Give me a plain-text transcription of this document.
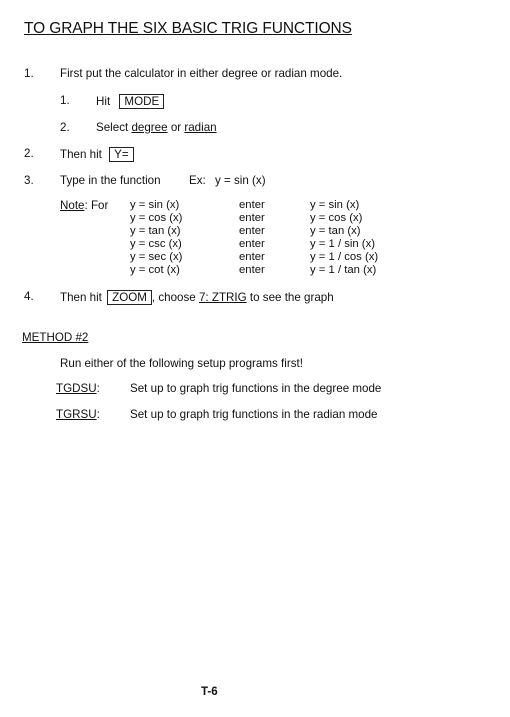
TO GRAPH THE SIX BASIC TRIG FUNCTIONS
1. First put the calculator in either degree or radian mode.
1. Hit MODE
2. Select degree or radian
2. Then hit Y=
3. Type in the function Ex: y = sin (x)
Note: For y = sin (x)
y = cos (x)
y = tan (x)
y = csc (x)
y = sec (x)
y = cot (x)
enter
enter
enter
enter
enter
enter
y = sin (x)
y = cos (x)
y = tan (x)
y = 1 / sin (x)
y = 1 / cos (x)
y = 1 / tan (x)
4. Then hit ZOOM , choose 7: ZTRIG to see the graph
METHOD #2
Run either of the following setup programs first!
TGDSU:	Set up to graph trig functions in the degree mode
TGRSU:	Set up to graph trig functions in the radian mode
T-6
